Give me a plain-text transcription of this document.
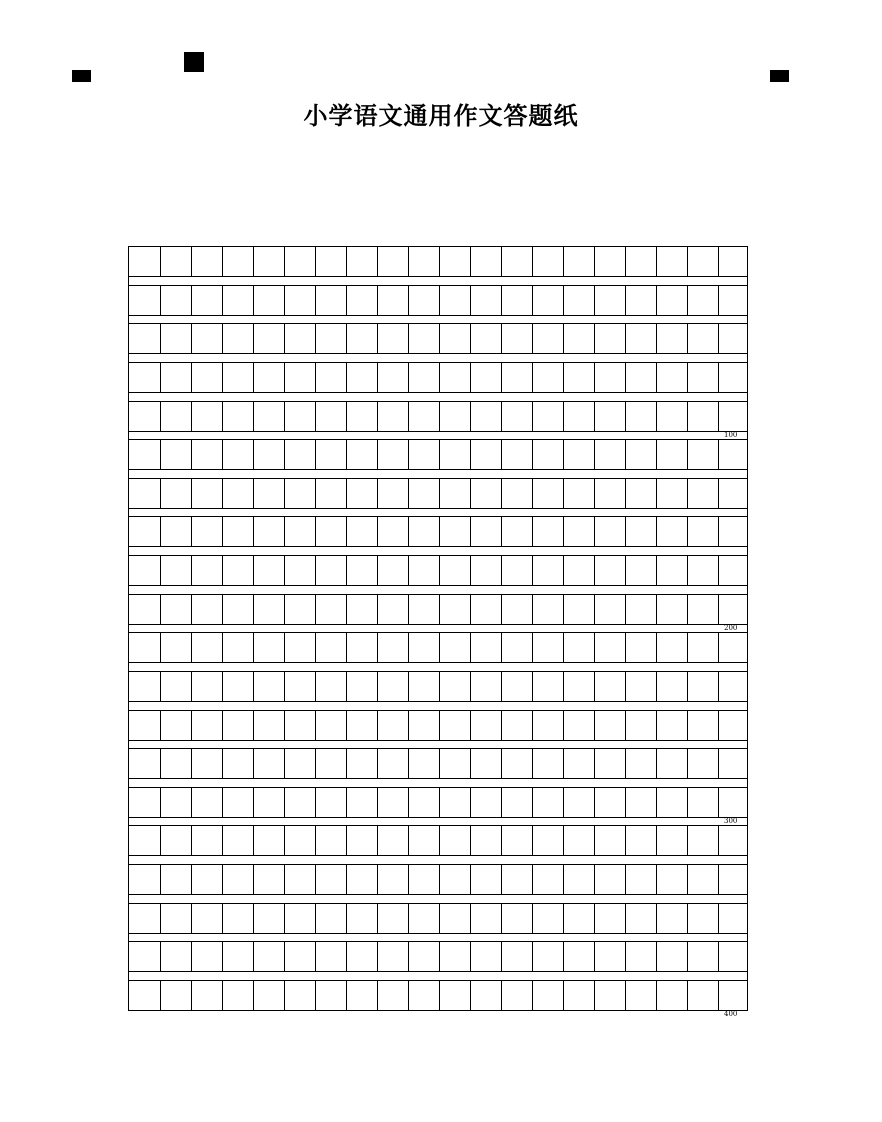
小学语文通用作文答题纸
100
200
300
400
